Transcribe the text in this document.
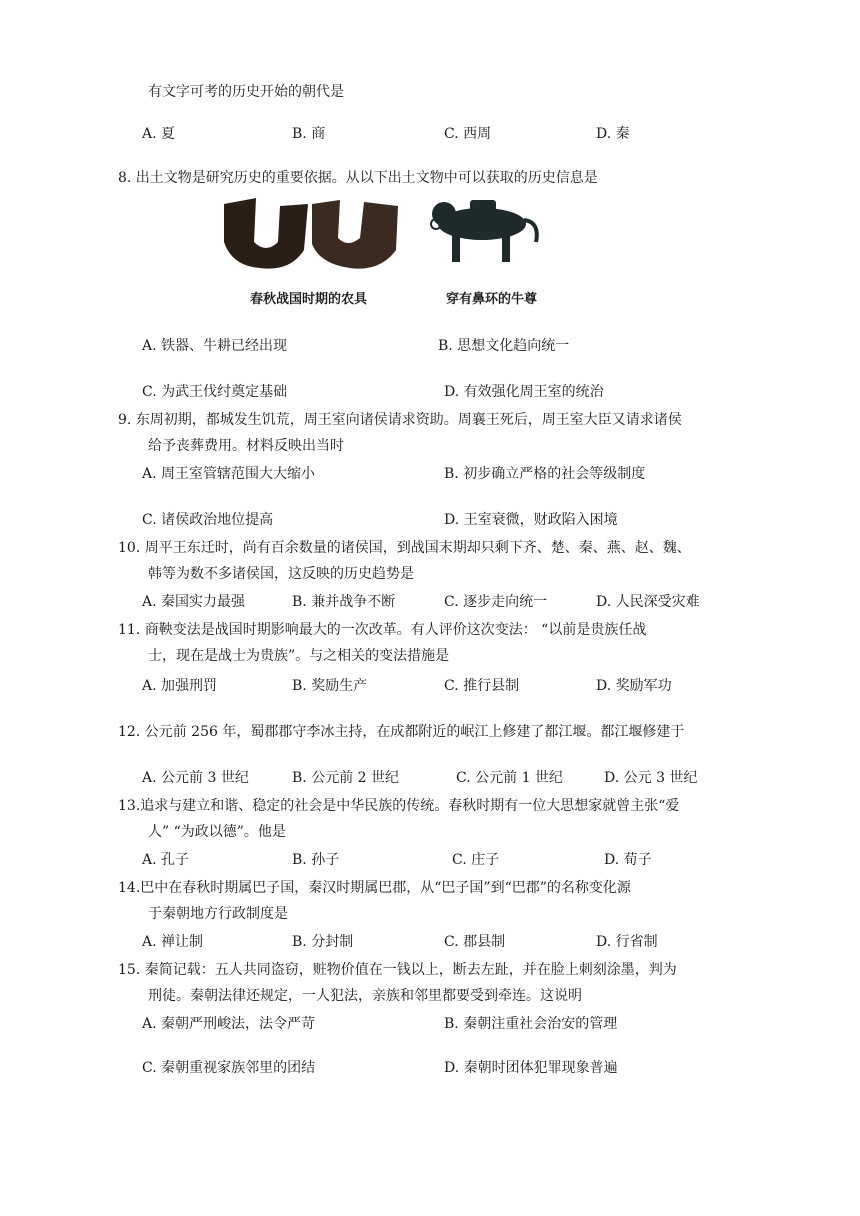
有文字可考的历史开始的朝代是
A. 夏	B. 商	C. 西周	D. 秦
8. 出土文物是研究历史的重要依据。从以下出土文物中可以获取的历史信息是
春秋战国时期的农具	穿有鼻环的牛尊
A. 铁器、牛耕已经出现	B. 思想文化趋向统一
C. 为武王伐纣奠定基础	D. 有效强化周王室的统治
9. 东周初期，都城发生饥荒，周王室向诸侯请求资助。周襄王死后，周王室大臣又请求诸侯
给予丧葬费用。材料反映出当时
A. 周王室管辖范围大大缩小	B. 初步确立严格的社会等级制度
C. 诸侯政治地位提高	D. 王室衰微，财政陷入困境
10. 周平王东迁时，尚有百余数量的诸侯国，到战国末期却只剩下齐、楚、秦、燕、赵、魏、
韩等为数不多诸侯国，这反映的历史趋势是
A. 秦国实力最强	B. 兼并战争不断	C. 逐步走向统一	D. 人民深受灾难
11. 商鞅变法是战国时期影响最大的一次改革。有人评价这次变法： “以前是贵族任战
士，现在是战士为贵族”。与之相关的变法措施是
A. 加强刑罚	B. 奖励生产	C. 推行县制	D. 奖励军功
12. 公元前 256 年，蜀郡郡守李冰主持，在成都附近的岷江上修建了都江堰。都江堰修建于
A. 公元前 3 世纪	B. 公元前 2 世纪	C. 公元前 1 世纪	D. 公元 3 世纪
13.追求与建立和谐、稳定的社会是中华民族的传统。春秋时期有一位大思想家就曾主张“爱
人” “为政以德”。他是
A. 孔子	B. 孙子	C. 庄子	D. 荀子
14.巴中在春秋时期属巴子国，秦汉时期属巴郡，从“巴子国”到“巴郡”的名称变化源
于秦朝地方行政制度是
A. 禅让制	B. 分封制	C. 郡县制	D. 行省制
15. 秦简记载：五人共同盗窃，赃物价值在一钱以上，断去左趾，并在脸上刺刻涂墨，判为
刑徒。秦朝法律还规定，一人犯法，亲族和邻里都要受到牵连。这说明
A. 秦朝严刑峻法，法令严苛	B. 秦朝注重社会治安的管理
C. 秦朝重视家族邻里的团结	D. 秦朝时团体犯罪现象普遍
